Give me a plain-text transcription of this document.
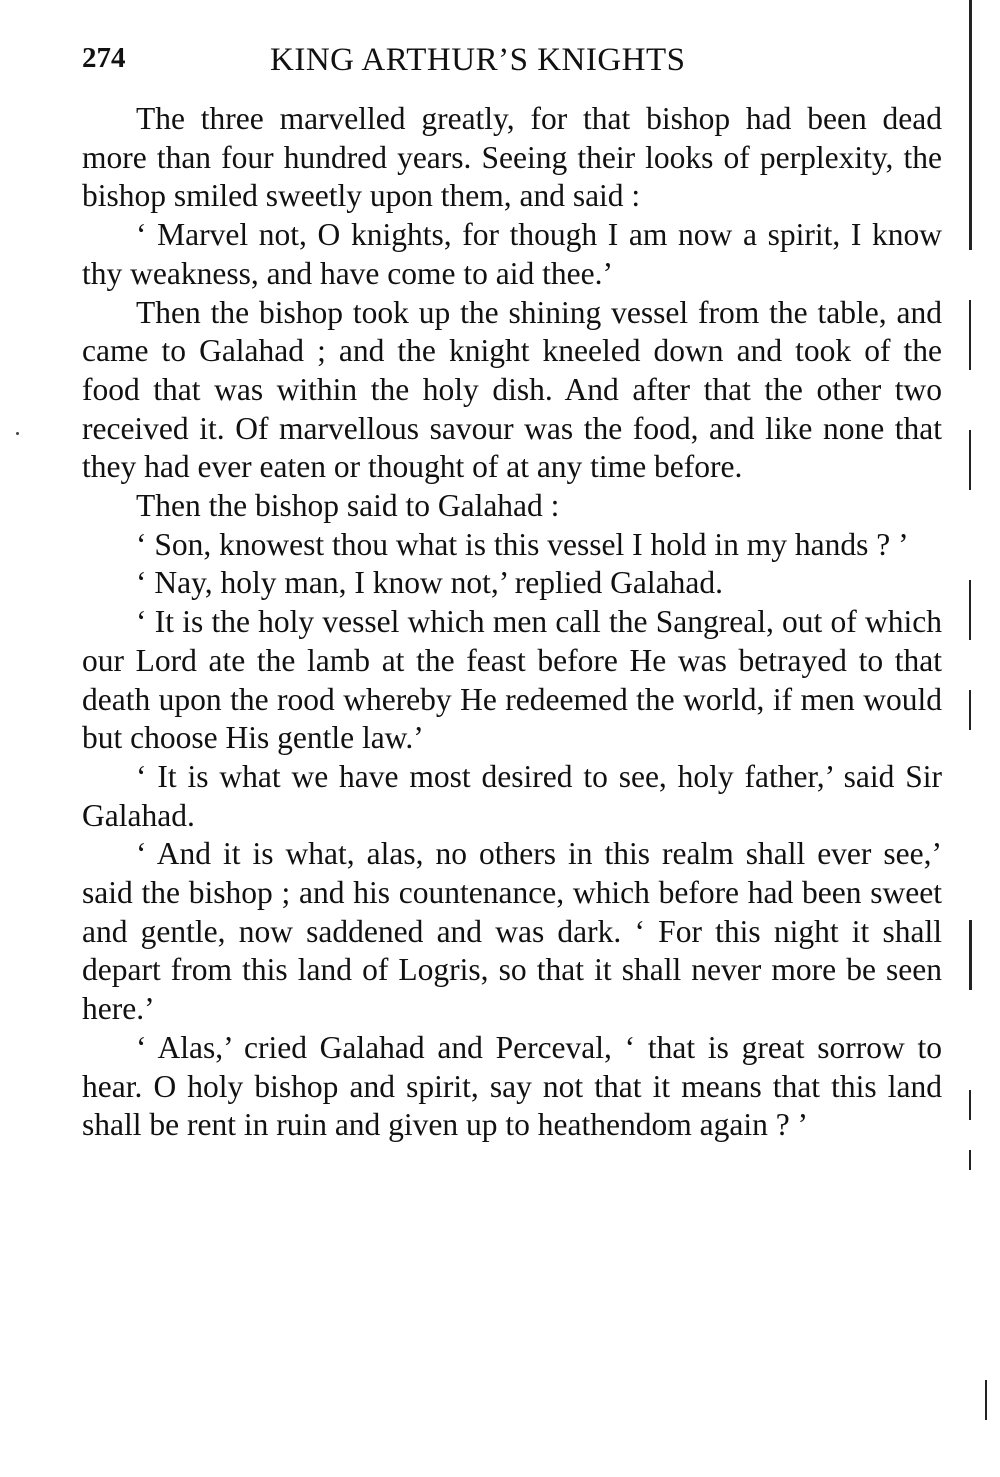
274	KING ARTHUR’S KNIGHTS

The three marvelled greatly, for that bishop had been dead more than four hundred years. Seeing their looks of perplexity, the bishop smiled sweetly upon them, and said :

‘ Marvel not, O knights, for though I am now a spirit, I know thy weakness, and have come to aid thee.’

Then the bishop took up the shining vessel from the table, and came to Galahad ; and the knight kneeled down and took of the food that was within the holy dish. And after that the other two received it. Of marvellous savour was the food, and like none that they had ever eaten or thought of at any time before.

Then the bishop said to Galahad :

‘ Son, knowest thou what is this vessel I hold in my hands ? ’

‘ Nay, holy man, I know not,’ replied Galahad.

‘ It is the holy vessel which men call the Sangreal, out of which our Lord ate the lamb at the feast before He was betrayed to that death upon the rood whereby He redeemed the world, if men would but choose His gentle law.’

‘ It is what we have most desired to see, holy father,’ said Sir Galahad.

‘ And it is what, alas, no others in this realm shall ever see,’ said the bishop ; and his countenance, which before had been sweet and gentle, now saddened and was dark. ‘ For this night it shall depart from this land of Logris, so that it shall never more be seen here.’

‘ Alas,’ cried Galahad and Perceval, ‘ that is great sorrow to hear. O holy bishop and spirit, say not that it means that this land shall be rent in ruin and given up to heathendom again ? ’
